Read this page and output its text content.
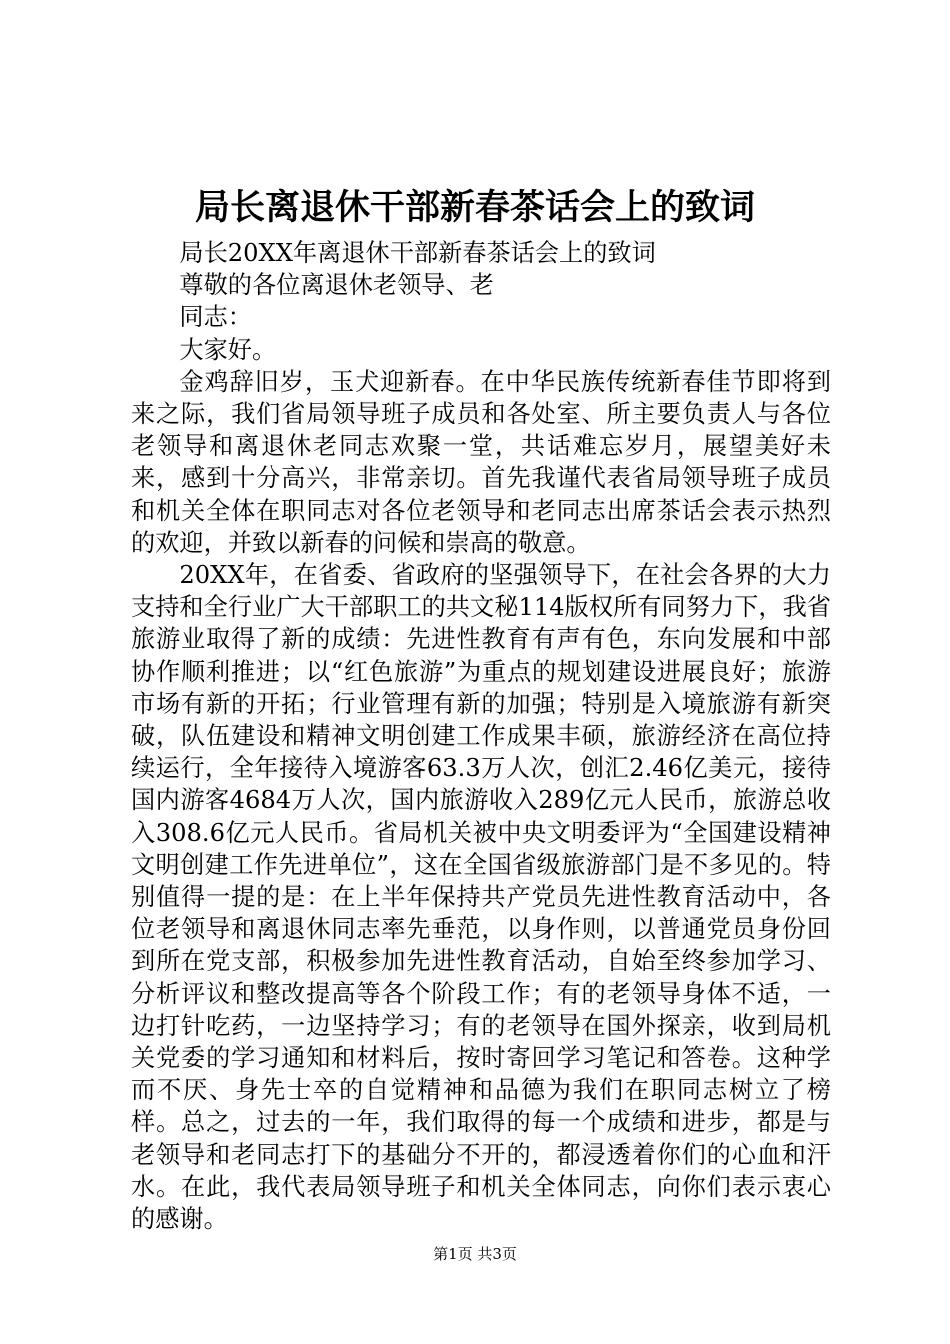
局长离退休干部新春茶话会上的致词

局长20XX年离退休干部新春茶话会上的致词

尊敬的各位离退休老领导、老

同志：

大家好。

金鸡辞旧岁，玉犬迎新春。在中华民族传统新春佳节即将到来之际，我们省局领导班子成员和各处室、所主要负责人与各位老领导和离退休老同志欢聚一堂，共话难忘岁月，展望美好未来，感到十分高兴，非常亲切。首先我谨代表省局领导班子成员和机关全体在职同志对各位老领导和老同志出席茶话会表示热烈的欢迎，并致以新春的问候和崇高的敬意。

20XX年，在省委、省政府的坚强领导下，在社会各界的大力支持和全行业广大干部职工的共文秘114版权所有同努力下，我省旅游业取得了新的成绩：先进性教育有声有色，东向发展和中部协作顺利推进；以“红色旅游”为重点的规划建设进展良好；旅游市场有新的开拓；行业管理有新的加强；特别是入境旅游有新突破，队伍建设和精神文明创建工作成果丰硕，旅游经济在高位持续运行，全年接待入境游客63.3万人次，创汇2.46亿美元，接待国内游客4684万人次，国内旅游收入289亿元人民币，旅游总收入308.6亿元人民币。省局机关被中央文明委评为“全国建设精神文明创建工作先进单位”，这在全国省级旅游部门是不多见的。特别值得一提的是：在上半年保持共产党员先进性教育活动中，各位老领导和离退休同志率先垂范，以身作则，以普通党员身份回到所在党支部，积极参加先进性教育活动，自始至终参加学习、分析评议和整改提高等各个阶段工作；有的老领导身体不适，一边打针吃药，一边坚持学习；有的老领导在国外探亲，收到局机关党委的学习通知和材料后，按时寄回学习笔记和答卷。这种学而不厌、身先士卒的自觉精神和品德为我们在职同志树立了榜样。总之，过去的一年，我们取得的每一个成绩和进步，都是与老领导和老同志打下的基础分不开的，都浸透着你们的心血和汗水。在此，我代表局领导班子和机关全体同志，向你们表示衷心的感谢。

第1页 共3页
